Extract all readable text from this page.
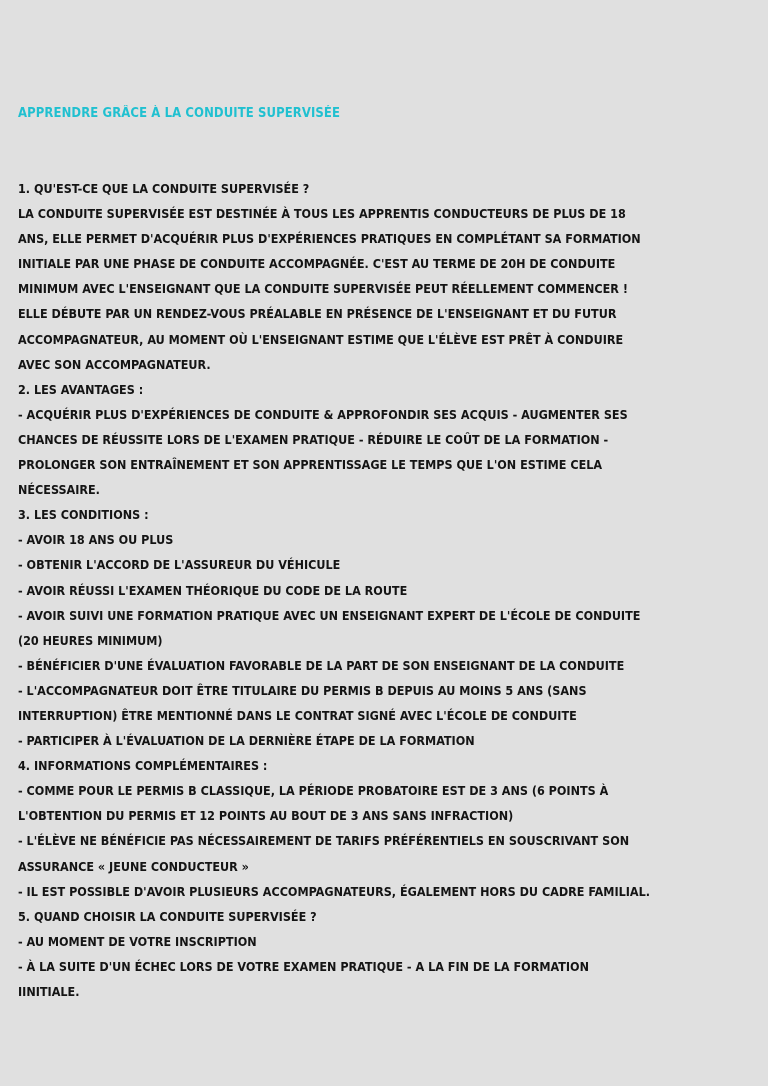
APPRENDRE GRÂCE À LA CONDUITE SUPERVISÉE
1. QU'EST-CE QUE LA CONDUITE SUPERVISÉE ?
LA CONDUITE SUPERVISÉE EST DESTINÉE À TOUS LES APPRENTIS CONDUCTEURS DE PLUS DE 18
ANS, ELLE PERMET D'ACQUÉRIR PLUS D'EXPÉRIENCES PRATIQUES EN COMPLÉTANT SA FORMATION
INITIALE PAR UNE PHASE DE CONDUITE ACCOMPAGNÉE. C'EST AU TERME DE 20H DE CONDUITE
MINIMUM AVEC L'ENSEIGNANT QUE LA CONDUITE SUPERVISÉE PEUT RÉELLEMENT COMMENCER !
ELLE DÉBUTE PAR UN RENDEZ-VOUS PRÉALABLE EN PRÉSENCE DE L'ENSEIGNANT ET DU FUTUR
ACCOMPAGNATEUR, AU MOMENT OÙ L'ENSEIGNANT ESTIME QUE L'ÉLÈVE EST PRÊT À CONDUIRE
AVEC SON ACCOMPAGNATEUR.
2. LES AVANTAGES :
- ACQUÉRIR PLUS D'EXPÉRIENCES DE CONDUITE & APPROFONDIR SES ACQUIS - AUGMENTER SES
CHANCES DE RÉUSSITE LORS DE L'EXAMEN PRATIQUE - RÉDUIRE LE COÛT DE LA FORMATION -
PROLONGER SON ENTRAÎNEMENT ET SON APPRENTISSAGE LE TEMPS QUE L'ON ESTIME CELA
NÉCESSAIRE.
3. LES CONDITIONS :
- AVOIR 18 ANS OU PLUS
- OBTENIR L'ACCORD DE L'ASSUREUR DU VÉHICULE
- AVOIR RÉUSSI L'EXAMEN THÉORIQUE DU CODE DE LA ROUTE
- AVOIR SUIVI UNE FORMATION PRATIQUE AVEC UN ENSEIGNANT EXPERT DE L'ÉCOLE DE CONDUITE
(20 HEURES MINIMUM)
- BÉNÉFICIER D'UNE ÉVALUATION FAVORABLE DE LA PART DE SON ENSEIGNANT DE LA CONDUITE
- L'ACCOMPAGNATEUR DOIT ÊTRE TITULAIRE DU PERMIS B DEPUIS AU MOINS 5 ANS (SANS
INTERRUPTION) ÊTRE MENTIONNÉ DANS LE CONTRAT SIGNÉ AVEC L'ÉCOLE DE CONDUITE
- PARTICIPER À L'ÉVALUATION DE LA DERNIÈRE ÉTAPE DE LA FORMATION
4. INFORMATIONS COMPLÉMENTAIRES :
- COMME POUR LE PERMIS B CLASSIQUE, LA PÉRIODE PROBATOIRE EST DE 3 ANS (6 POINTS À
L'OBTENTION DU PERMIS ET 12 POINTS AU BOUT DE 3 ANS SANS INFRACTION)
- L'ÉLÈVE NE BÉNÉFICIE PAS NÉCESSAIREMENT DE TARIFS PRÉFÉRENTIELS EN SOUSCRIVANT SON
ASSURANCE « JEUNE CONDUCTEUR »
- IL EST POSSIBLE D'AVOIR PLUSIEURS ACCOMPAGNATEURS, ÉGALEMENT HORS DU CADRE FAMILIAL.
5. QUAND CHOISIR LA CONDUITE SUPERVISÉE ?
- AU MOMENT DE VOTRE INSCRIPTION
- À LA SUITE D'UN ÉCHEC LORS DE VOTRE EXAMEN PRATIQUE - A LA FIN DE LA FORMATION
IINITIALE.
